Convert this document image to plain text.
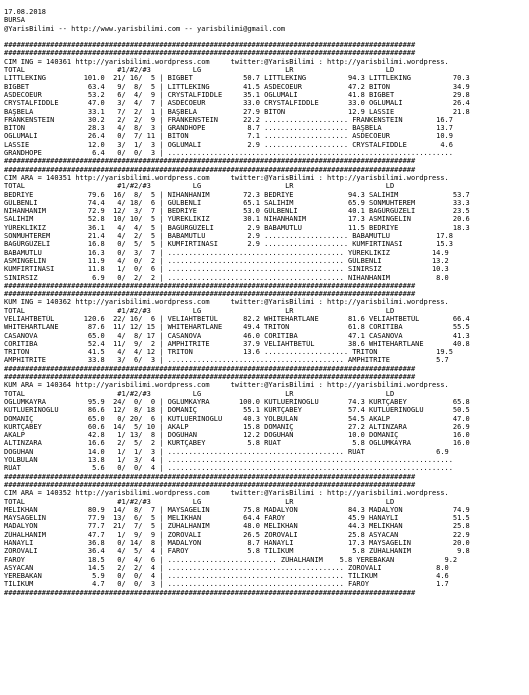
17.08.2018
BURSA
@YarisBilimi -- http://www.yarisbilimi.com -- yarisbilimi@gmail.com

##################################################################################################
##################################################################################################
CIM ING = 140361 http://yarisbilimi.wordpress.com     twitter:@YarisBilimi : http://yarisbilimi.wordpress.
TOTAL                      #1/#2/#3          LG                    LR                      LD
LITTLEKING         101.0  21/ 16/  5 | BIGBET            50.7 LITTLEKING          94.3 LITTLEKING          70.3
BIGBET              63.4   9/  8/  5 | LITTLEKING        41.5 ASDECOEUR           47.2 BİTON               34.9
ASDECOEUR           53.2   6/  4/  9 | CRYSTALFIDDLE     35.1 OĞLUMALİ            41.8 BIGBET              29.8
CRYSTALFIDDLE       47.0   3/  4/  7 | ASDECOEUR         33.0 CRYSTALFIDDLE       33.0 OĞLUMALİ            26.4
BAŞBELA             33.1   7/  2/  1 | BAŞBELA           27.9 BİTON               12.9 LASSIE              21.8
FRANKENSTEIN        30.2   2/  2/  9 | FRANKENSTEIN      22.2 .................... FRANKENSTEIN        16.7
BİTON               28.3   4/  8/  3 | GRANDHOPE          8.7 .................... BAŞBELA             13.7
OĞLUMALİ            26.4   0/  7/ 11 | BİTON              7.1 .................... ASDECOEUR           10.9
LASSIE              12.0   3/  1/  3 | OĞLUMALİ           2.9 .................... CRYSTALFIDDLE        4.6
GRANDHOPE            6.4   0/  0/  3 | ....................................................................
##################################################################################################
##################################################################################################
CIM ARA = 140351 http://yarisbilimi.wordpress.com     twitter:@YarisBilimi : http://yarisbilimi.wordpress.
TOTAL                      #1/#2/#3          LG                    LR                      LD
BEDRİYE             79.6  16/  8/  5 | NİHANHANIM        72.3 BEDRİYE             94.3 SALİHİM             53.7
GÜLBENLİ            74.4   4/ 18/  6 | GÜLBENLİ          65.1 SALİHİM             65.9 SONMUHTEREM         33.3
NİHANHANIM          72.9  12/  3/  7 | BEDRİYE           53.0 GÜLBENLİ            40.1 BAGÜRGÜZELİ         23.5
SALİHİM             52.8  10/ 10/  5 | YÜREKLİKIZ        30.1 NİHANHANIM          17.3 ASMİNGELİN          20.6
YÜREKLİKIZ          36.1   4/  4/  5 | BAGÜRGÜZELİ        2.9 BABAMUTLU           11.5 BEDRİYE             18.3
SONMUHTEREM         21.4   4/  2/  5 | BABAMUTLU          2.9 .................... BABAMUTLU           17.8
BAGÜRGÜZELİ         16.8   0/  5/  5 | KUMFIRTINASI       2.9 .................... KUMFIRTINASI        15.3
BABAMUTLU           16.3   0/  3/  7 | .......................................... YÜREKLİKIZ          14.9
ASMİNGELİN          11.9   4/  0/  2 | .......................................... GÜLBENLİ            13.2
KUMFIRTINASI        11.8   1/  0/  6 | .......................................... SINIRSIZ            10.3
SINIRSIZ             6.9   0/  2/  2 | .......................................... NİHANHANIM           8.0
##################################################################################################
##################################################################################################
KUM ING = 140362 http://yarisbilimi.wordpress.com     twitter:@YarisBilimi : http://yarisbilimi.wordpress.
TOTAL                      #1/#2/#3          LG                    LR                      LD
VELİAHTBETÜL       120.6  22/ 16/  6 | VELİAHTBETÜL      82.2 WHITEHARTLANE       81.6 VELİAHTBETÜL        66.4
WHITEHARTLANE       87.6  11/ 12/ 15 | WHITEHARTLANE     49.4 TRITON              61.8 CORITIBA            55.5
CASANOVA            65.0   4/  8/ 17 | CASANOVA          46.0 CORITIBA            47.1 CASANOVA            41.3
CORITIBA            52.4  11/  9/  2 | AMPHITRITE        37.9 VELİAHTBETÜL        38.6 WHITEHARTLANE       40.8
TRITON              41.5   4/  4/ 12 | TRITON            13.6 .................... TRITON              19.5
AMPHITRITE          33.8   3/  6/  3 | .......................................... AMPHITRITE           5.7
##################################################################################################
##################################################################################################
KUM ARA = 140364 http://yarisbilimi.wordpress.com     twitter:@YarisBilimi : http://yarisbilimi.wordpress.
TOTAL                      #1/#2/#3          LG                    LR                      LD
OĞLUMKAYRA          95.9  24/  0/  0 | OĞLUMKAYRA       100.0 KUTLUERİNOĞLU       74.3 KURTÇABEY           65.8
KUTLUERİNOĞLU       86.6  12/  8/ 18 | DOMANİÇ           55.1 KURTÇABEY           57.4 KUTLUERİNOĞLU       50.5
DOMANİÇ             65.0   0/ 20/  6 | KUTLUERİNOĞLU     40.3 YOLBULAN            54.5 AKALP               47.0
KURTÇABEY           60.6  14/  5/ 10 | AKALP             15.8 DOMANİÇ             27.2 ALTINZARA           26.9
AKALP               42.8   1/ 13/  8 | DOĞUHAN           12.2 DOĞUHAN             10.0 DOMANİÇ             16.0
ALTINZARA           16.6   2/  5/  2 | KURTÇABEY          5.8 RUAT                 5.8 OĞLUMKAYRA          16.0
DOĞUHAN             14.0   1/  1/  3 | .......................................... RUAT                 6.9
YOLBULAN            13.8   1/  3/  4 | ....................................................................
RUAT                 5.6   0/  0/  4 | ....................................................................
##################################################################################################
##################################################################################################
CIM ARA = 140352 http://yarisbilimi.wordpress.com     twitter:@YarisBilimi : http://yarisbilimi.wordpress.
TOTAL                      #1/#2/#3          LG                    LR                      LD
MELİKHAN            80.9  14/  8/  7 | MAYSAGELİN        75.8 MADALYON            84.3 MADALYON            74.9
MAYSAGELİN          77.9  13/  6/  5 | MELİKHAN          64.4 FAROY               45.9 HANAYLI             51.5
MADALYON            77.7  21/  7/  5 | ZÜHALHANIM        48.0 MELİKHAN            44.3 MELİKHAN            25.8
ZÜHALHANIM          47.7   1/  9/  9 | ZOROVALI          26.5 ZOROVALI            25.8 ASYACAN             22.9
HANAYLI             36.8   0/ 14/  8 | MADALYON           8.7 HANAYLI             17.3 MAYSAGELİN          20.0
ZOROVALI            36.4   4/  5/  4 | FAROY              5.8 TİLİKUM              5.8 ZÜHALHANIM           9.8
FAROY               18.5   0/  4/  6 | .......................... ZÜHALHANIM    5.8 YEREBAKAN            9.2
ASYACAN             14.5   2/  2/  4 | .......................................... ZOROVALI             8.0
YEREBAKAN            5.9   0/  0/  4 | .......................................... TİLİKUM              4.6
TİLİKUM              4.7   0/  0/  3 | .......................................... FAROY                1.7
##################################################################################################
